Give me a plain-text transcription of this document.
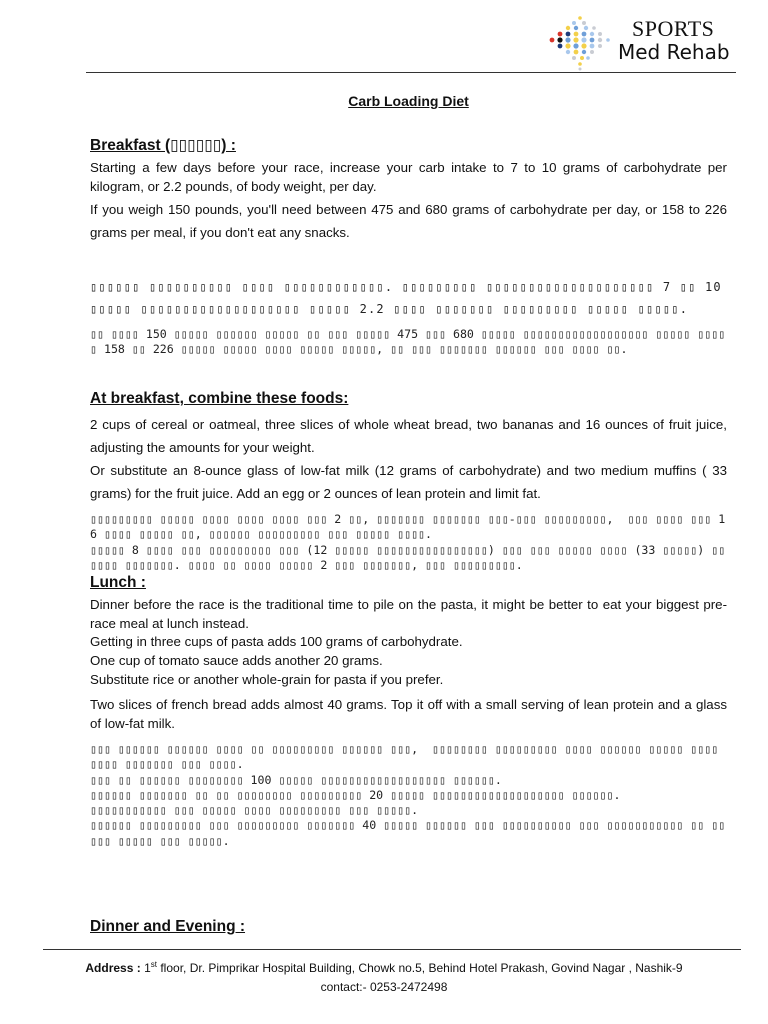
SPORTS
Med Rehab
Carb Loading Diet
Breakfast (▯▯▯▯▯▯) :
Starting a few days before your race, increase your carb intake to 7 to 10 grams of carbohydrate per kilogram, or 2.2 pounds, of body weight, per day.
If you weigh 150 pounds, you'll need between 475 and 680 grams of carbohydrate per day, or 158 to 226 grams per meal, if you don't eat any snacks.
▯▯▯▯▯▯ ▯▯▯▯▯▯▯▯▯▯ ▯▯▯▯ ▯▯▯▯▯▯▯▯▯▯▯▯. ▯▯▯▯▯▯▯▯▯ ▯▯▯▯▯▯▯▯▯▯▯▯▯▯▯▯▯▯▯▯ 7 ▯▯ 10 ▯▯▯▯▯ ▯▯▯▯▯▯▯▯▯▯▯▯▯▯▯▯▯▯▯ ▯▯▯▯▯ 2.2 ▯▯▯▯ ▯▯▯▯▯▯▯ ▯▯▯▯▯▯▯▯▯ ▯▯▯▯▯ ▯▯▯▯▯.
▯▯ ▯▯▯▯ 150 ▯▯▯▯▯ ▯▯▯▯▯▯ ▯▯▯▯▯ ▯▯ ▯▯▯ ▯▯▯▯▯ 475 ▯▯▯ 680 ▯▯▯▯▯ ▯▯▯▯▯▯▯▯▯▯▯▯▯▯▯▯▯▯ ▯▯▯▯▯ ▯▯▯▯▯ 158 ▯▯ 226 ▯▯▯▯▯ ▯▯▯▯▯ ▯▯▯▯ ▯▯▯▯▯ ▯▯▯▯▯, ▯▯ ▯▯▯ ▯▯▯▯▯▯▯ ▯▯▯▯▯▯ ▯▯▯ ▯▯▯▯ ▯▯.
At breakfast, combine these foods:
2 cups of cereal or oatmeal, three slices of whole wheat bread, two bananas and 16 ounces of fruit juice, adjusting the amounts for your weight.
Or substitute an 8-ounce glass of low-fat milk (12 grams of carbohydrate) and two medium muffins ( 33 grams) for the fruit juice. Add an egg or 2 ounces of lean protein and limit fat.
▯▯▯▯▯▯▯▯▯ ▯▯▯▯▯ ▯▯▯▯ ▯▯▯▯ ▯▯▯▯ ▯▯▯ 2 ▯▯, ▯▯▯▯▯▯▯ ▯▯▯▯▯▯▯ ▯▯▯-▯▯▯ ▯▯▯▯▯▯▯▯▯,  ▯▯▯ ▯▯▯▯ ▯▯▯ 16 ▯▯▯▯ ▯▯▯▯▯ ▯▯, ▯▯▯▯▯▯ ▯▯▯▯▯▯▯▯▯ ▯▯▯ ▯▯▯▯▯ ▯▯▯▯.
▯▯▯▯▯ 8 ▯▯▯▯ ▯▯▯ ▯▯▯▯▯▯▯▯▯ ▯▯▯ (12 ▯▯▯▯▯ ▯▯▯▯▯▯▯▯▯▯▯▯▯▯▯▯) ▯▯▯ ▯▯▯ ▯▯▯▯▯ ▯▯▯▯ (33 ▯▯▯▯▯) ▯▯▯▯▯▯ ▯▯▯▯▯▯▯. ▯▯▯▯ ▯▯ ▯▯▯▯ ▯▯▯▯▯ 2 ▯▯▯ ▯▯▯▯▯▯▯, ▯▯▯ ▯▯▯▯▯▯▯▯▯.
Lunch :
Dinner before the race is the traditional time to pile on the pasta, it might be better to eat your biggest pre-race meal at lunch instead.
Getting in three cups of pasta adds 100 grams of carbohydrate.
One cup of tomato sauce adds another 20 grams.
Substitute rice or another whole-grain for pasta if you prefer.
Two slices of french bread adds almost 40 grams. Top it off with a small serving of lean protein and a glass of low-fat milk.
▯▯▯ ▯▯▯▯▯▯ ▯▯▯▯▯▯ ▯▯▯▯ ▯▯ ▯▯▯▯▯▯▯▯▯ ▯▯▯▯▯▯ ▯▯▯,  ▯▯▯▯▯▯▯▯ ▯▯▯▯▯▯▯▯▯ ▯▯▯▯ ▯▯▯▯▯▯ ▯▯▯▯▯ ▯▯▯▯ ▯▯▯▯ ▯▯▯▯▯▯▯ ▯▯▯ ▯▯▯▯.
▯▯▯ ▯▯ ▯▯▯▯▯▯ ▯▯▯▯▯▯▯▯ 100 ▯▯▯▯▯ ▯▯▯▯▯▯▯▯▯▯▯▯▯▯▯▯▯▯ ▯▯▯▯▯▯.
▯▯▯▯▯▯ ▯▯▯▯▯▯▯ ▯▯ ▯▯ ▯▯▯▯▯▯▯▯ ▯▯▯▯▯▯▯▯▯ 20 ▯▯▯▯▯ ▯▯▯▯▯▯▯▯▯▯▯▯▯▯▯▯▯▯▯ ▯▯▯▯▯▯.
▯▯▯▯▯▯▯▯▯▯▯ ▯▯▯ ▯▯▯▯▯ ▯▯▯▯ ▯▯▯▯▯▯▯▯▯ ▯▯▯ ▯▯▯▯▯.
▯▯▯▯▯▯ ▯▯▯▯▯▯▯▯▯ ▯▯▯ ▯▯▯▯▯▯▯▯▯ ▯▯▯▯▯▯▯ 40 ▯▯▯▯▯ ▯▯▯▯▯▯ ▯▯▯ ▯▯▯▯▯▯▯▯▯▯ ▯▯▯ ▯▯▯▯▯▯▯▯▯▯▯ ▯▯ ▯▯▯▯▯ ▯▯▯▯▯ ▯▯▯ ▯▯▯▯▯.
Dinner and Evening :
Address : 1st floor, Dr. Pimprikar Hospital Building, Chowk no.5, Behind Hotel Prakash, Govind Nagar , Nashik-9
contact:- 0253-2472498
